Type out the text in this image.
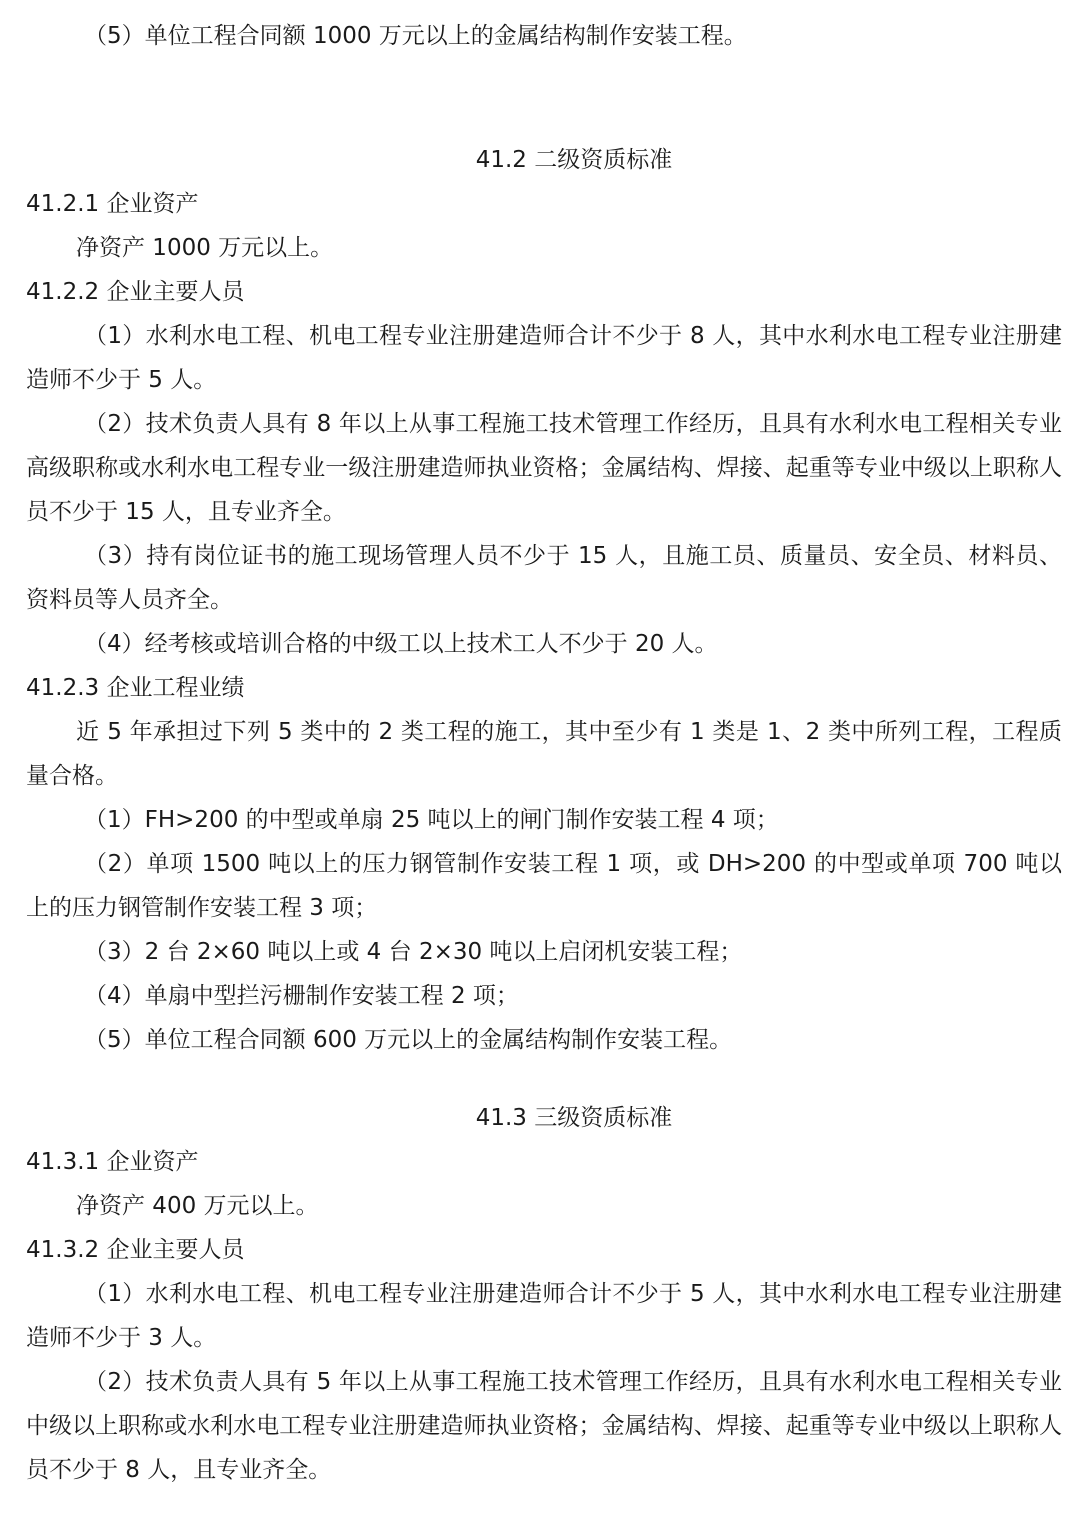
（5）单位工程合同额 1000 万元以上的金属结构制作安装工程。
41.2 二级资质标准
41.2.1 企业资产
净资产 1000 万元以上。
41.2.2 企业主要人员
（1）水利水电工程、机电工程专业注册建造师合计不少于 8 人，其中水利水电工程专业注册建造师不少于 5 人。
（2）技术负责人具有 8 年以上从事工程施工技术管理工作经历，且具有水利水电工程相关专业高级职称或水利水电工程专业一级注册建造师执业资格；金属结构、焊接、起重等专业中级以上职称人员不少于 15 人，且专业齐全。
（3）持有岗位证书的施工现场管理人员不少于 15 人，且施工员、质量员、安全员、材料员、资料员等人员齐全。
（4）经考核或培训合格的中级工以上技术工人不少于 20 人。
41.2.3 企业工程业绩
近 5 年承担过下列 5 类中的 2 类工程的施工，其中至少有 1 类是 1、2 类中所列工程，工程质量合格。
（1）FH>200 的中型或单扇 25 吨以上的闸门制作安装工程 4 项；
（2）单项 1500 吨以上的压力钢管制作安装工程 1 项，或 DH>200 的中型或单项 700 吨以上的压力钢管制作安装工程 3 项；
（3）2 台 2×60 吨以上或 4 台 2×30 吨以上启闭机安装工程；
（4）单扇中型拦污栅制作安装工程 2 项；
（5）单位工程合同额 600 万元以上的金属结构制作安装工程。
41.3 三级资质标准
41.3.1 企业资产
净资产 400 万元以上。
41.3.2 企业主要人员
（1）水利水电工程、机电工程专业注册建造师合计不少于 5 人，其中水利水电工程专业注册建造师不少于 3 人。
（2）技术负责人具有 5 年以上从事工程施工技术管理工作经历，且具有水利水电工程相关专业中级以上职称或水利水电工程专业注册建造师执业资格；金属结构、焊接、起重等专业中级以上职称人员不少于 8 人，且专业齐全。
